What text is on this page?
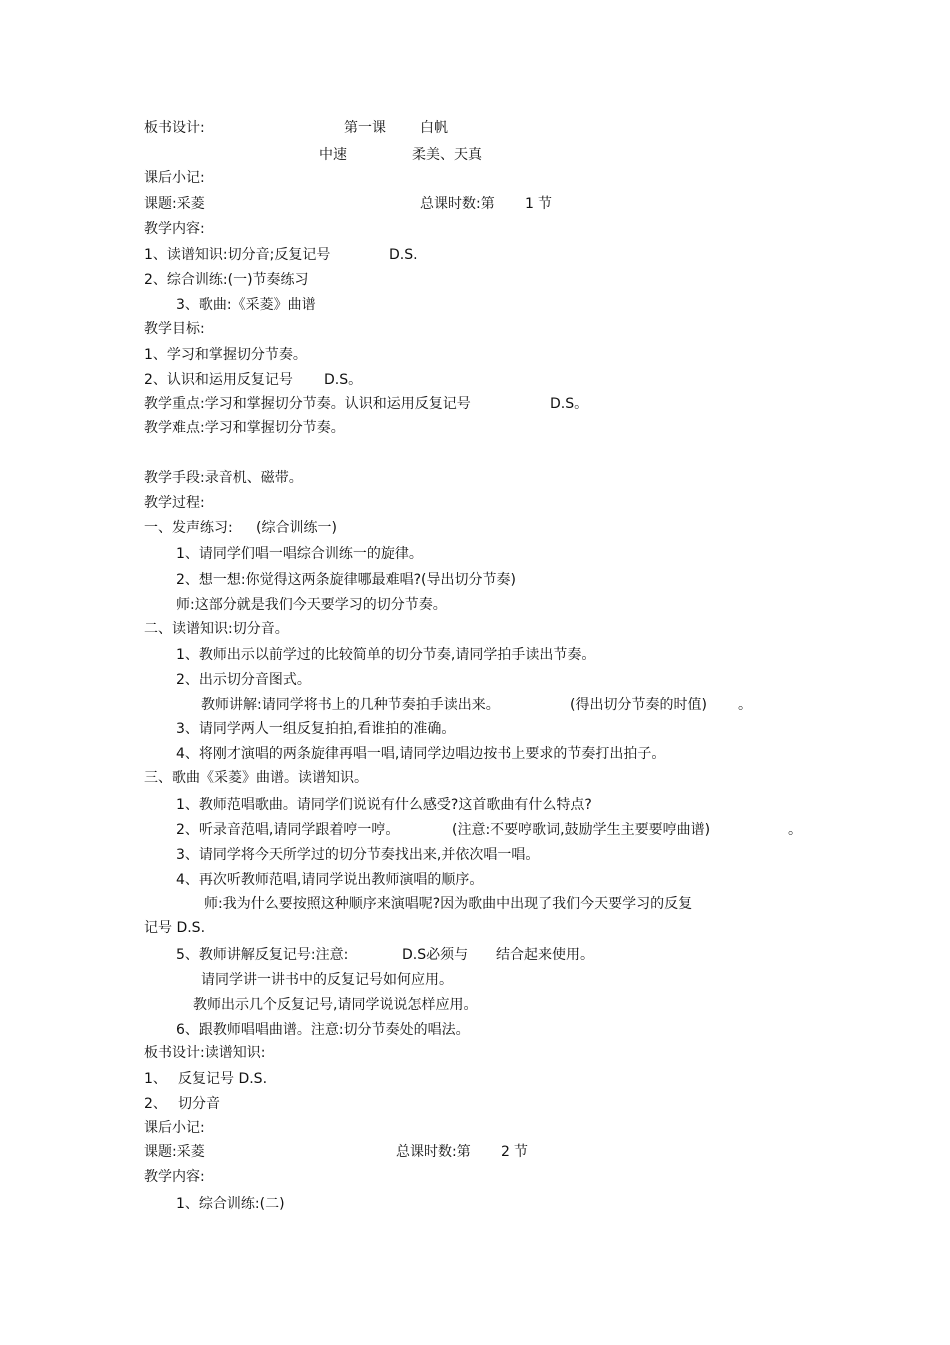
板书设计:	第一课 白帆
中速	柔美、天真
课后小记:
课题:采菱	总课时数:第 1 节
教学内容:
1、读谱知识:切分音;反复记号	D.S.
2、综合训练:(一)节奏练习
3、歌曲:《采菱》曲谱
教学目标:
1、学习和掌握切分节奏。
2、认识和运用反复记号 D.S。
教学重点:学习和掌握切分节奏。认识和运用反复记号	D.S。
教学难点:学习和掌握切分节奏。
教学手段:录音机、磁带。
教学过程:
一、发声练习: (综合训练一)
1、请同学们唱一唱综合训练一的旋律。
2、想一想:你觉得这两条旋律哪最难唱?(导出切分节奏)
师:这部分就是我们今天要学习的切分节奏。
二、读谱知识:切分音。
1、教师出示以前学过的比较简单的切分节奏,请同学拍手读出节奏。
2、出示切分音图式。
教师讲解:请同学将书上的几种节奏拍手读出来。	(得出切分节奏的时值) 。
3、请同学两人一组反复拍拍,看谁拍的准确。
4、将刚才演唱的两条旋律再唱一唱,请同学边唱边按书上要求的节奏打出拍子。
三、歌曲《采菱》曲谱。读谱知识。
1、教师范唱歌曲。请同学们说说有什么感受?这首歌曲有什么特点?
2、听录音范唱,请同学跟着哼一哼。	(注意:不要哼歌词,鼓励学生主要要哼曲谱)	。
3、请同学将今天所学过的切分节奏找出来,并依次唱一唱。
4、再次听教师范唱,请同学说出教师演唱的顺序。
师:我为什么要按照这种顺序来演唱呢?因为歌曲中出现了我们今天要学习的反复
记号 D.S.
5、教师讲解反复记号:注意:	D.S必须与 结合起来使用。
请同学讲一讲书中的反复记号如何应用。
教师出示几个反复记号,请同学说说怎样应用。
6、跟教师唱唱曲谱。注意:切分节奏处的唱法。
板书设计:读谱知识:
1、 反复记号 D.S.
2、 切分音
课后小记:
课题:采菱	总课时数:第 2 节
教学内容:
1、综合训练:(二)
